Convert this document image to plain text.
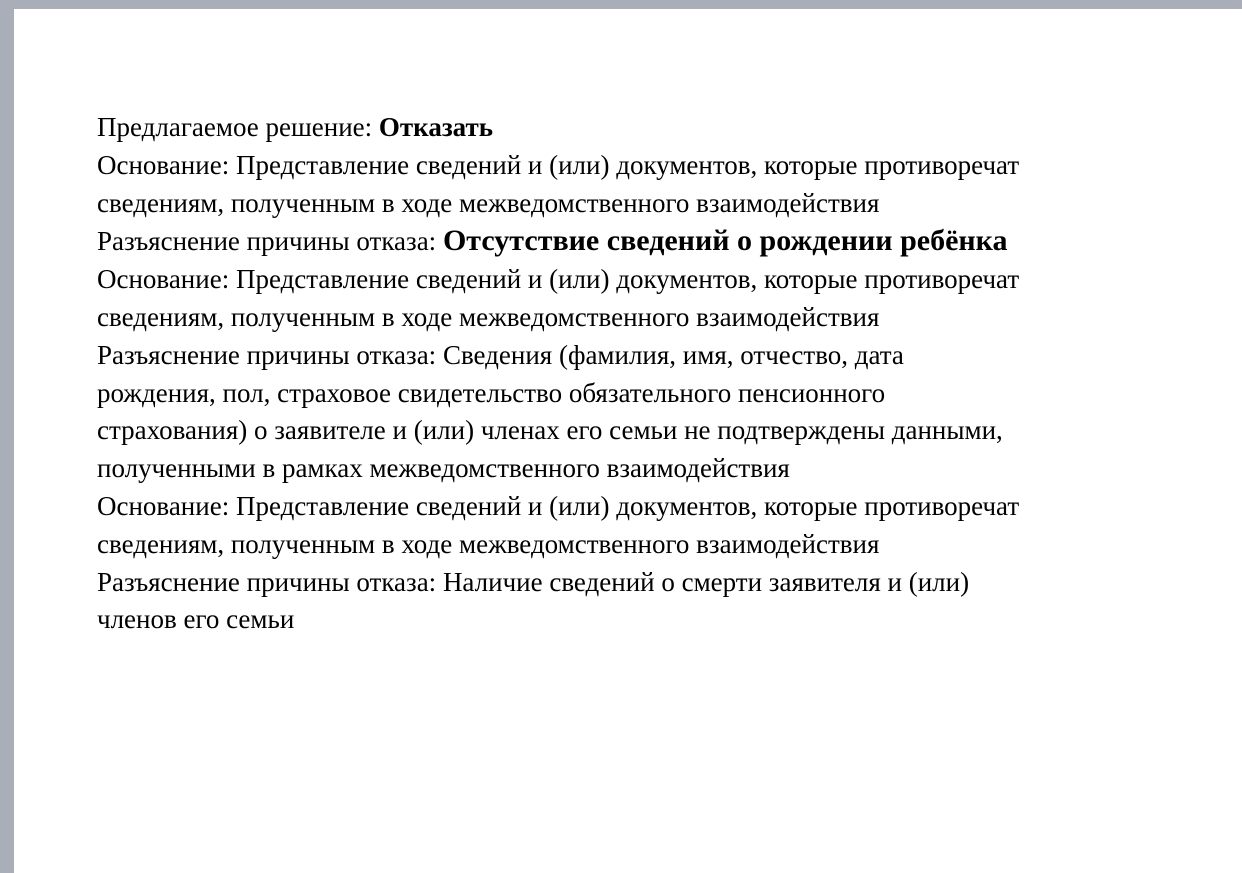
Предлагаемое решение: Отказать
Основание: Представление сведений и (или) документов, которые противоречат
сведениям, полученным в ходе межведомственного взаимодействия
Разъяснение причины отказа: Отсутствие сведений о рождении ребёнка
Основание: Представление сведений и (или) документов, которые противоречат
сведениям, полученным в ходе межведомственного взаимодействия
Разъяснение причины отказа: Сведения (фамилия, имя, отчество, дата
рождения, пол, страховое свидетельство обязательного пенсионного
страхования) о заявителе и (или) членах его семьи не подтверждены данными,
полученными в рамках межведомственного взаимодействия
Основание: Представление сведений и (или) документов, которые противоречат
сведениям, полученным в ходе межведомственного взаимодействия
Разъяснение причины отказа: Наличие сведений о смерти заявителя и (или)
членов его семьи
